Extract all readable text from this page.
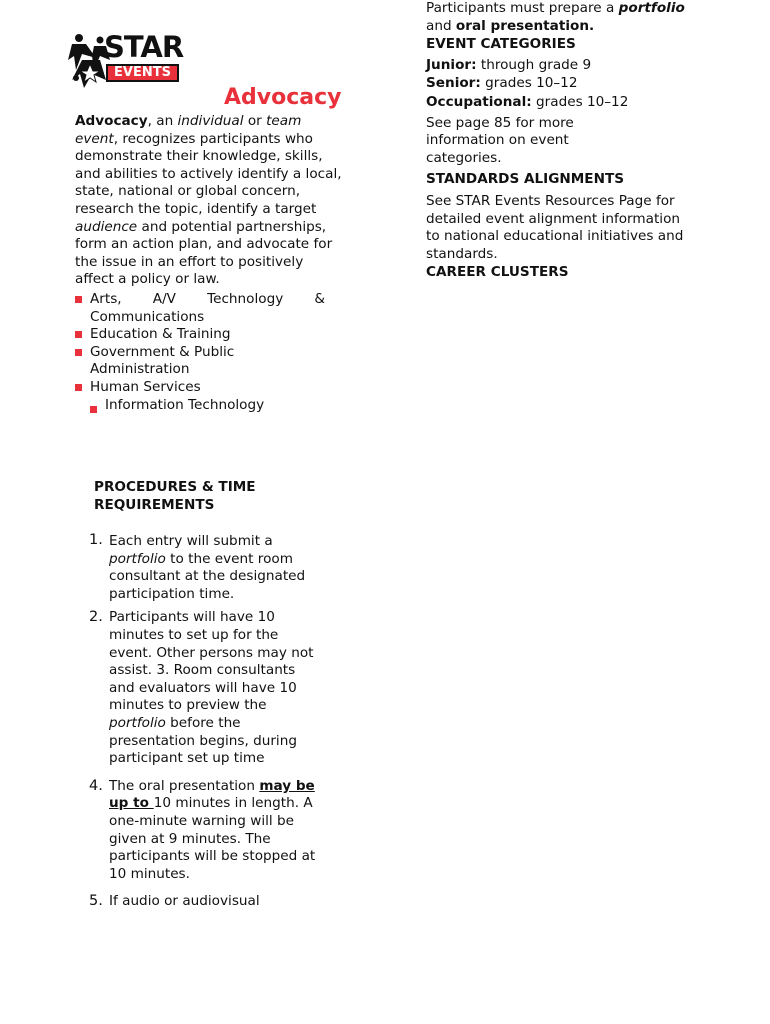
STAR
EVENTS
Advocacy
Advocacy, an individual or team event, recognizes participants who demonstrate their knowledge, skills, and abilities to actively identify a local, state, national or global concern, research the topic, identify a target audience and potential partnerships, form an action plan, and advocate for the issue in an effort to positively affect a policy or law.
Arts, A/V Technology & Communications
Education & Training
Government & Public Administration
Human Services
Information Technology
PROCEDURES & TIME REQUIREMENTS
1. Each entry will submit a portfolio to the event room consultant at the designated participation time.
2. Participants will have 10 minutes to set up for the event. Other persons may not assist. 3. Room consultants and evaluators will have 10 minutes to preview the portfolio before the presentation begins, during participant set up time
4. The oral presentation may be up to 10 minutes in length. A one-minute warning will be given at 9 minutes. The participants will be stopped at 10 minutes.
5. If audio or audiovisual
Participants must prepare a portfolio
and oral presentation.
EVENT CATEGORIES
Junior: through grade 9
Senior: grades 10–12
Occupational: grades 10–12
See page 85 for more information on event categories.
STANDARDS ALIGNMENTS
See STAR Events Resources Page for detailed event alignment information to national educational initiatives and standards.
CAREER CLUSTERS
